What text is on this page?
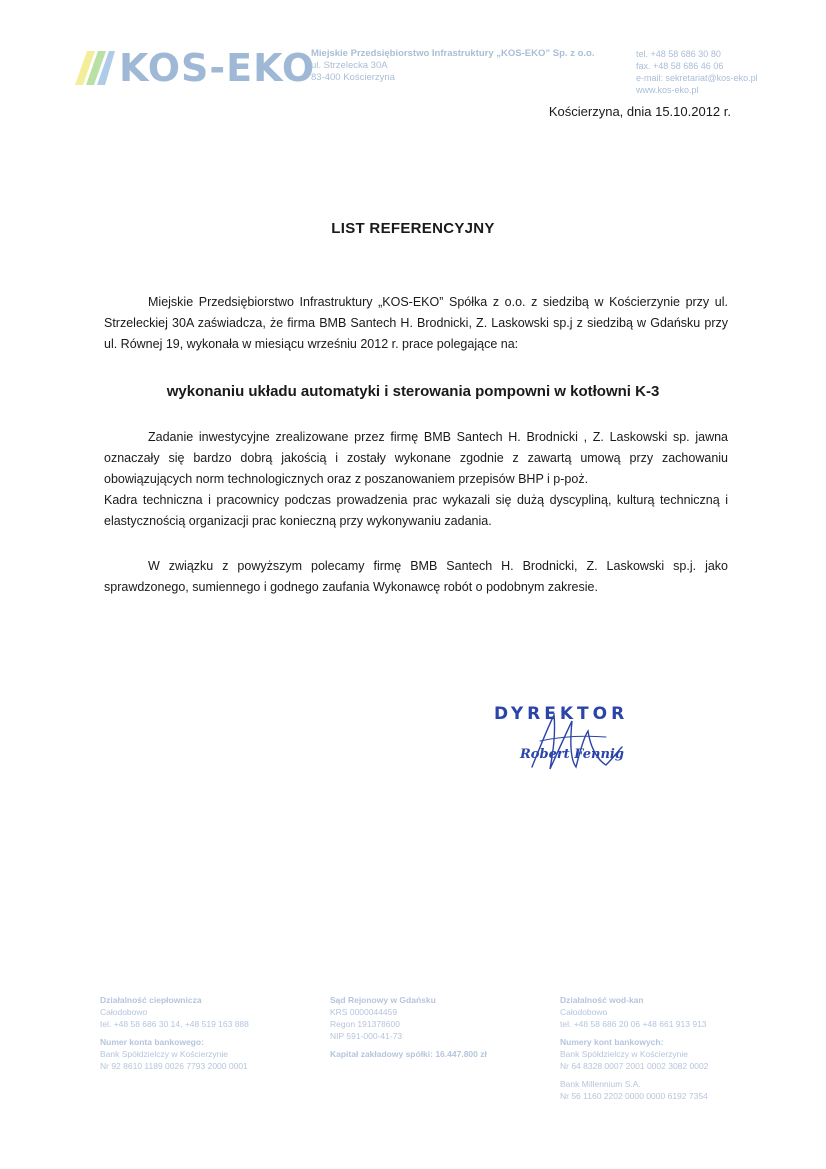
KOS-EKO
Miejskie Przedsiębiorstwo Infrastruktury „KOS-EKO” Sp. z o.o.
ul. Strzelecka 30A
83-400 Kościerzyna
tel. +48 58 686 30 80
fax. +48 58 686 46 06
e-mail: sekretariat@kos-eko.pl
www.kos-eko.pl
Kościerzyna, dnia 15.10.2012 r.
LIST REFERENCYJNY

Miejskie Przedsiębiorstwo Infrastruktury „KOS-EKO” Spółka z o.o. z siedzibą w Kościerzynie przy ul. Strzeleckiej 30A zaświadcza, że firma BMB Santech H. Brodnicki, Z. Laskowski sp.j z siedzibą w Gdańsku przy ul. Równej 19, wykonała w miesiącu wrześniu 2012 r. prace polegające na:

wykonaniu układu automatyki i sterowania pompowni w kotłowni K-3

Zadanie inwestycyjne zrealizowane przez firmę BMB Santech H. Brodnicki , Z. Laskowski sp. jawna oznaczały się bardzo dobrą jakością i zostały wykonane zgodnie z zawartą umową przy zachowaniu obowiązujących norm technologicznych oraz z poszanowaniem przepisów BHP i p-poż.

Kadra techniczna i pracownicy podczas prowadzenia prac wykazali się dużą dyscypliną, kulturą techniczną i elastycznością organizacji prac konieczną przy wykonywaniu zadania.

W związku z powyższym polecamy firmę BMB Santech H. Brodnicki, Z. Laskowski sp.j. jako sprawdzonego, sumiennego i godnego zaufania Wykonawcę robót o podobnym zakresie.

DYREKTOR
Robert Fennig
Działalność ciepłownicza
Całodobowo
tel. +48 58 686 30 14, +48 519 163 888
Numer konta bankowego:
Bank Spółdzielczy w Kościerzynie
Nr 92 8610 1189 0026 7793 2000 0001
Sąd Rejonowy w Gdańsku
KRS 0000044459
Regon 191378600
NIP 591-000-41-73
Kapitał zakładowy spółki: 16.447.800 zł
Działalność wod-kan
Całodobowo
tel. +48 58 686 20 06 +48 661 913 913
Numery kont bankowych:
Bank Spółdzielczy w Kościerzynie
Nr 64 8328 0007 2001 0002 3082 0002
Bank Millennium S.A.
Nr 56 1160 2202 0000 0000 6192 7354
